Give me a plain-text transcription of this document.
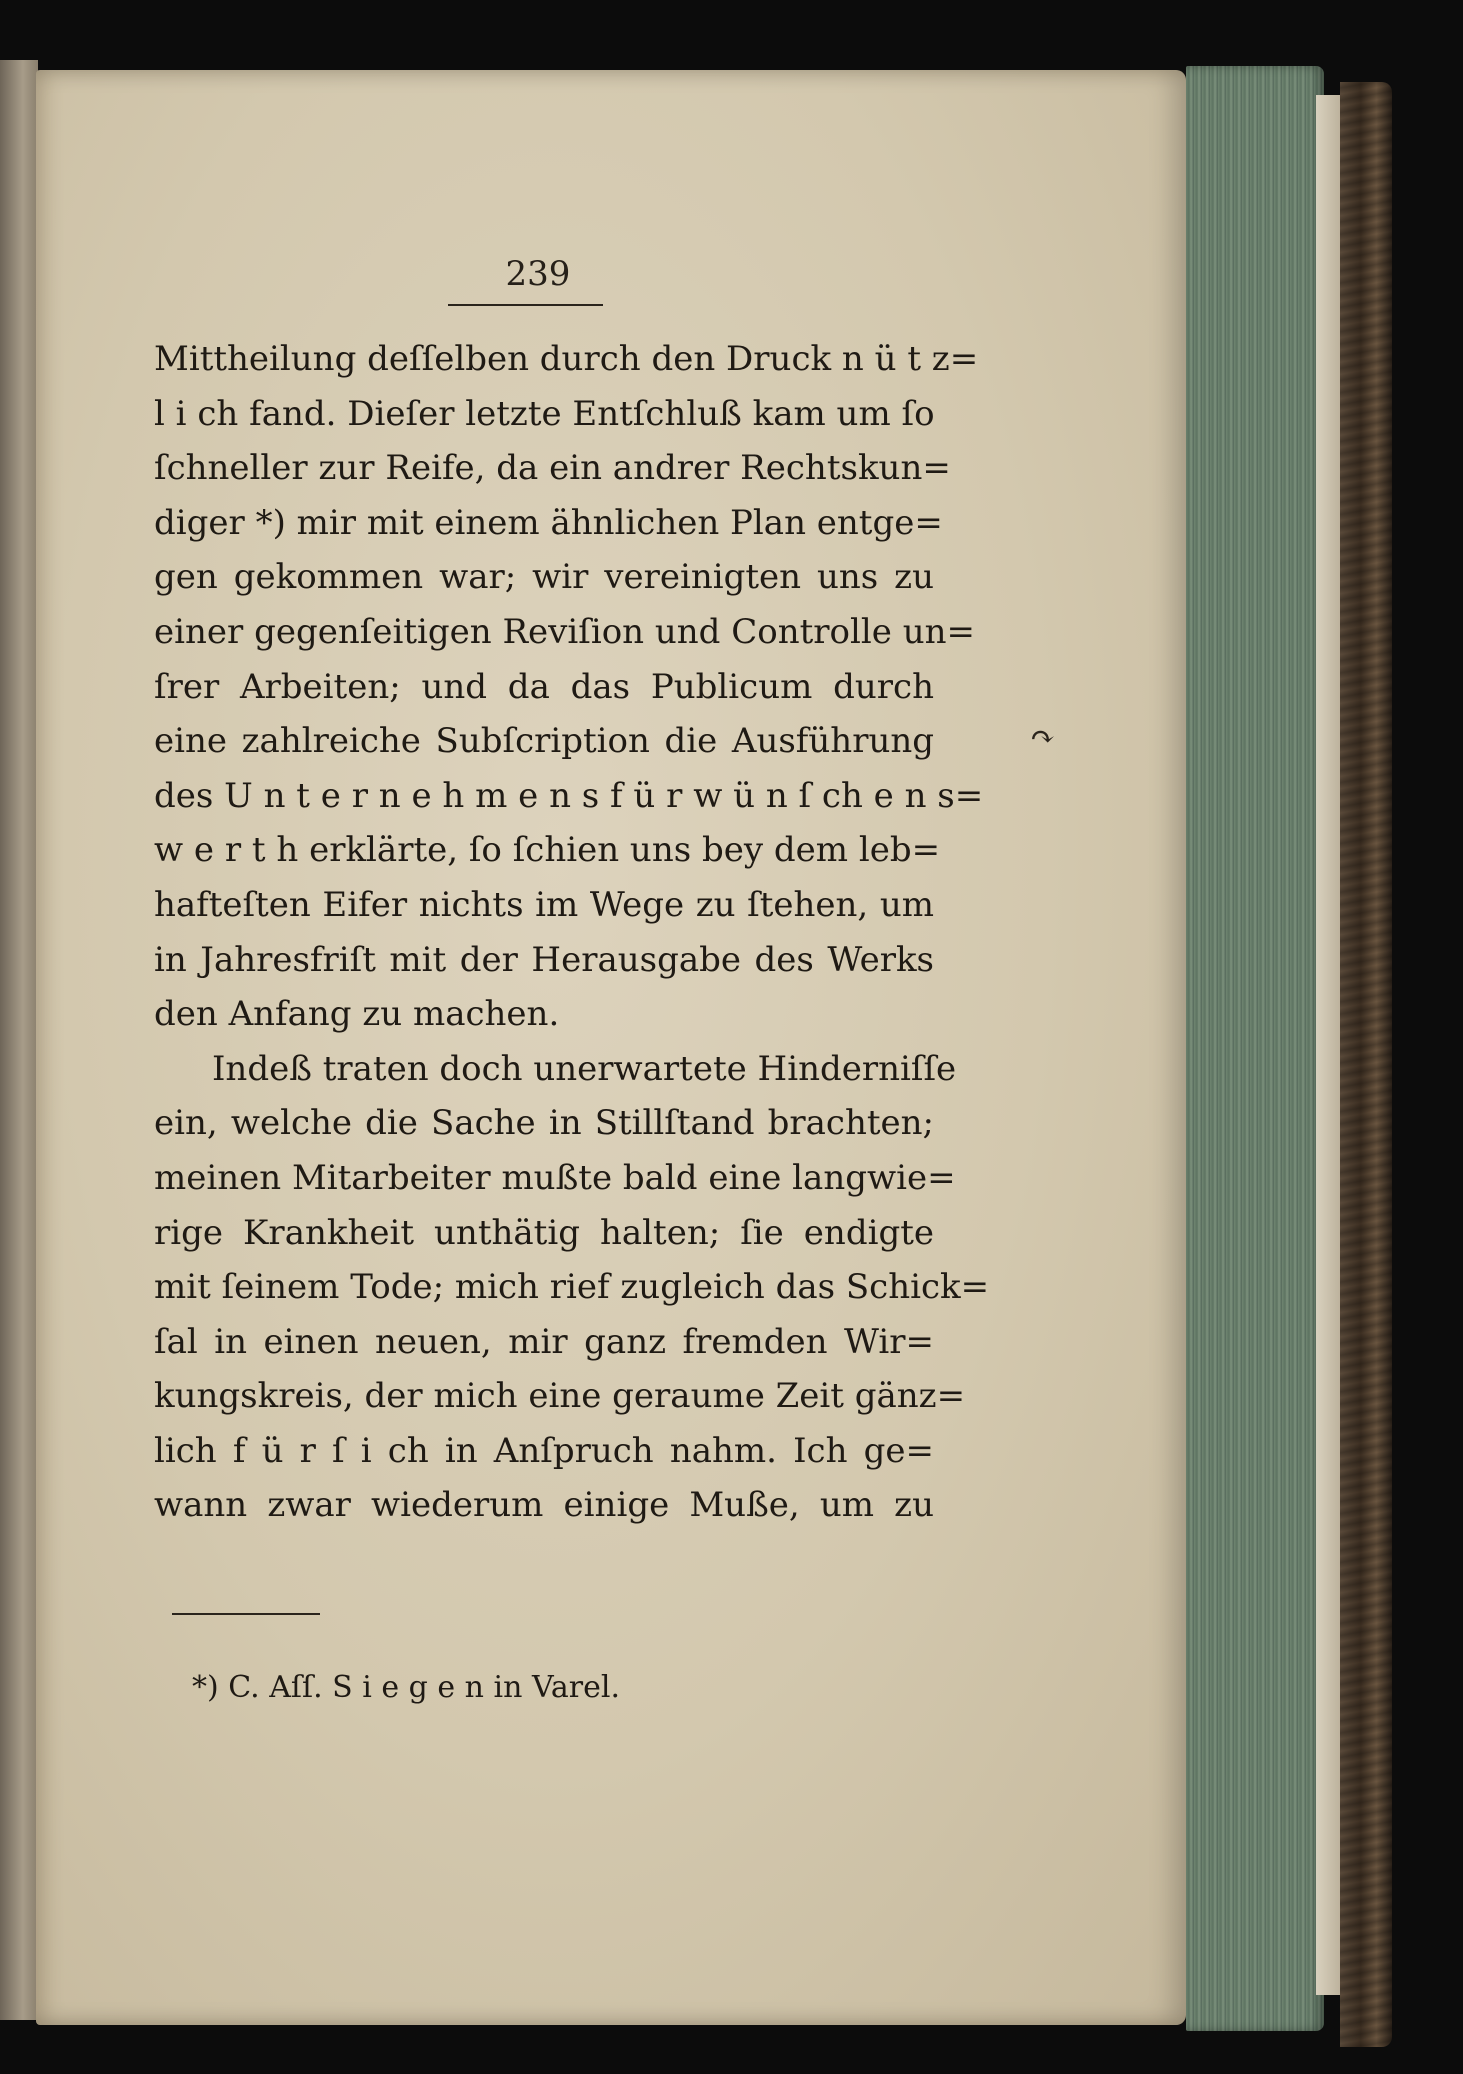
239
Mittheilung deſſelben durch den Druck n ü t z=
l i ch fand. Dieſer letzte Entſchluß kam um ſo
ſchneller zur Reife, da ein andrer Rechtskun=
diger *) mir mit einem ähnlichen Plan entge=
gen gekommen war; wir vereinigten uns zu
einer gegenſeitigen Reviſion und Controlle un=
ſrer Arbeiten; und da das Publicum durch
eine zahlreiche Subſcription die Ausführung
des U n t e r n e h m e n s f ü r w ü n ſ ch e n s=
w e r t h erklärte, ſo ſchien uns bey dem leb=
hafteſten Eifer nichts im Wege zu ſtehen, um
in Jahresfriſt mit der Herausgabe des Werks
den Anfang zu machen.
Indeß traten doch unerwartete Hinderniſſe
ein, welche die Sache in Stillſtand brachten;
meinen Mitarbeiter mußte bald eine langwie=
rige Krankheit unthätig halten; ſie endigte
mit ſeinem Tode; mich rief zugleich das Schick=
ſal in einen neuen, mir ganz fremden Wir=
kungskreis, der mich eine geraume Zeit gänz=
lich f ü r ſ i ch in Anſpruch nahm. Ich ge=
wann zwar wiederum einige Muße, um zu
*) C. Aſſ. S i e g e n in Varel.
↷
